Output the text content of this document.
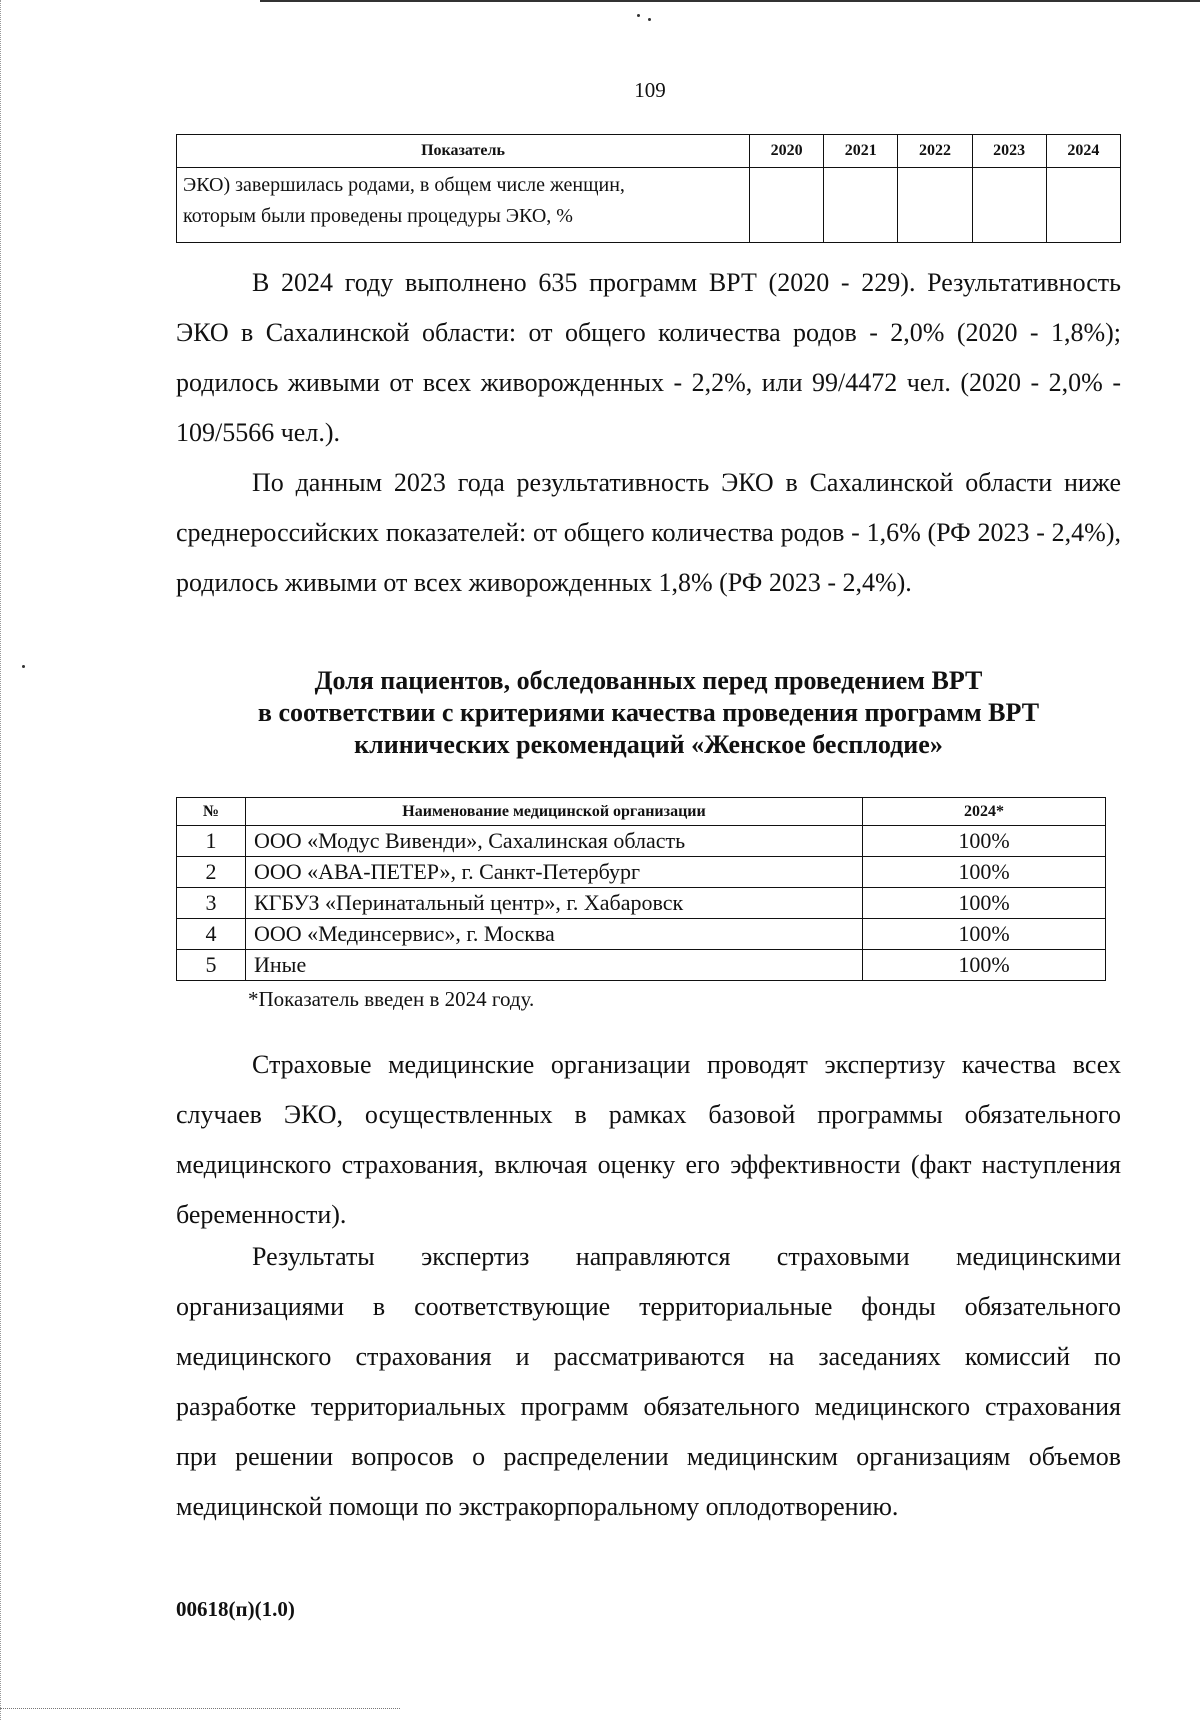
109
Показатель	2020	2021	2022	2023	2024

ЭКО) завершилась родами, в общем числе женщин,
которым были проведены процедуры ЭКО, %					

В 2024 году выполнено 635 программ ВРТ (2020 - 229). Результативность ЭКО в Сахалинской области: от общего количества родов - 2,0% (2020 - 1,8%); родилось живыми от всех живорожденных - 2,2%, или 99/4472 чел. (2020 - 2,0% - 109/5566 чел.).

По данным 2023 года результативность ЭКО в Сахалинской области ниже среднероссийских показателей: от общего количества родов - 1,6% (РФ 2023 - 2,4%), родилось живыми от всех живорожденных 1,8% (РФ 2023 - 2,4%).

Доля пациентов, обследованных перед проведением ВРТ
в соответствии с критериями качества проведения программ ВРТ
клинических рекомендаций «Женское бесплодие»
№	Наименование медицинской организации	2024*
1	ООО «Модус Вивенди», Сахалинская область	100%
2	ООО «АВА-ПЕТЕР», г. Санкт-Петербург	100%
3	КГБУЗ «Перинатальный центр», г. Хабаровск	100%
4	ООО «Мединсервис», г. Москва	100%
5	Иные	100%
*Показатель введен в 2024 году.

Страховые медицинские организации проводят экспертизу качества всех случаев ЭКО, осуществленных в рамках базовой программы обязательного медицинского страхования, включая оценку его эффективности (факт наступления беременности).

Результаты экспертиз направляются страховыми медицинскими организациями в соответствующие территориальные фонды обязательного медицинского страхования и рассматриваются на заседаниях комиссий по разработке территориальных программ обязательного медицинского страхования при решении вопросов о распределении медицинским организациям объемов медицинской помощи по экстракорпоральному оплодотворению.

00618(п)(1.0)
